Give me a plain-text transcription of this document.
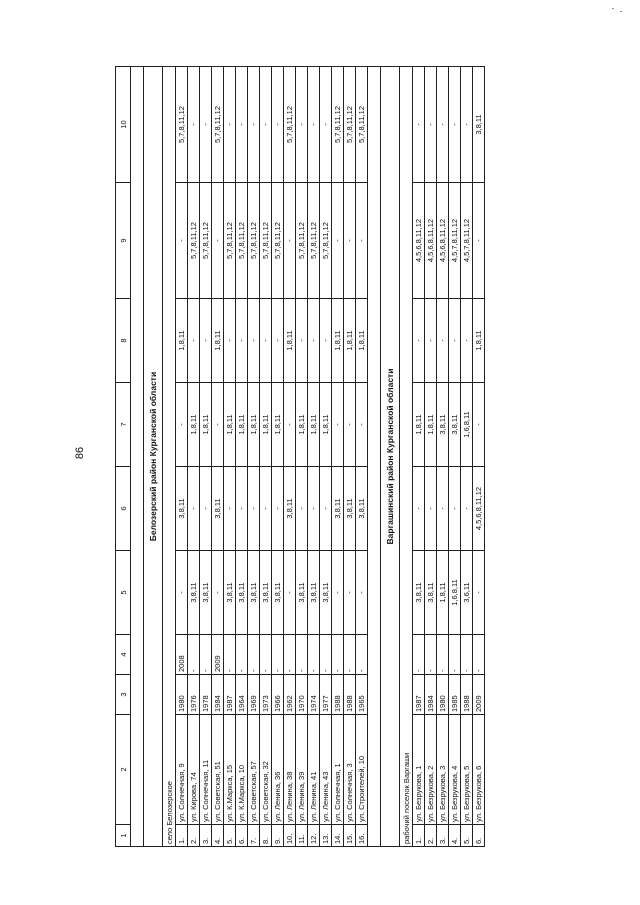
86
1	2	3	4	5	6	7	8	9	10

Белозерский район Курганской области									
село Белозерское									
1.	ул. Солнечная, 9	1980	2008	-	3,8,11	-	1,8,11	-	5,7,8,11,12
2.	ул. Кирова, 74	1976	-	3,8,11	-	1,8,11	-	5,7,8,11,12	-
3.	ул. Солнечная, 11	1978	-	3,8,11	-	1,8,11	-	5,7,8,11,12	-
4.	ул. Советская, 51	1984	2009	-	3,8,11	-	1,8,11	-	5,7,8,11,12
5.	ул. К.Маркса, 15	1987	-	3,8,11	-	1,8,11	-	5,7,8,11,12	-
6.	ул. К.Маркса, 10	1964	-	3,8,11	-	1,8,11	-	5,7,8,11,12	-
7.	ул. Советская, 57	1969	-	3,8,11	-	1,8,11	-	5,7,8,11,12	-
8.	ул. Советская, 32	1973	-	3,8,11	-	1,8,11	-	5,7,8,11,12	-
9.	ул. Ленина, 36	1966	-	3,8,11	-	1,8,11	-	5,7,8,11,12	-
10.	ул. Ленина, 38	1962	-	-	3,8,11	-	1,8,11	-	5,7,8,11,12
11.	ул. Ленина, 39	1970	-	3,8,11	-	1,8,11	-	5,7,8,11,12	-
12.	ул. Ленина, 41	1974	-	3,8,11	-	1,8,11	-	5,7,8,11,12	-
13.	ул. Ленина, 43	1977	-	3,8,11	-	1,8,11	-	5,7,8,11,12	-
14.	ул. Солнечная, 1	1988	-	-	3,8,11	-	1,8,11	-	5,7,8,11,12
15.	ул. Солнечная, 3	1988	-	-	3,8,11	-	1,8,11	-	5,7,8,11,12
16.	ул. Строителей, 10	1965	-	-	3,8,11	-	1,8,11	-	5,7,8,11,12

Варгашинский район Курганской области									
рабочий поселок Варгаши									
1.	ул. Безрукова, 1	1987	-	3,8,11	-	1,8,11	-	4,5,6,8,11,12	-
2.	ул. Безрукова, 2	1984	-	3,8,11	-	1,8,11	-	4,5,6,8,11,12	-
3.	ул. Безрукова, 3	1980	-	1,8,11	-	3,8,11	-	4,5,6,8,11,12	-
4.	ул. Безрукова, 4	1985	-	1,6,8,11	-	3,8,11	-	4,5,7,8,11,12	-
5.	ул. Безрукова, 5	1988	-	3,6,11	-	1,6,8,11	-	4,5,7,8,11,12	-
6.	ул. Безрукова, 6	2009	-	-	4,5,6,8,11,12	-	1,8,11	-	3,8,11
